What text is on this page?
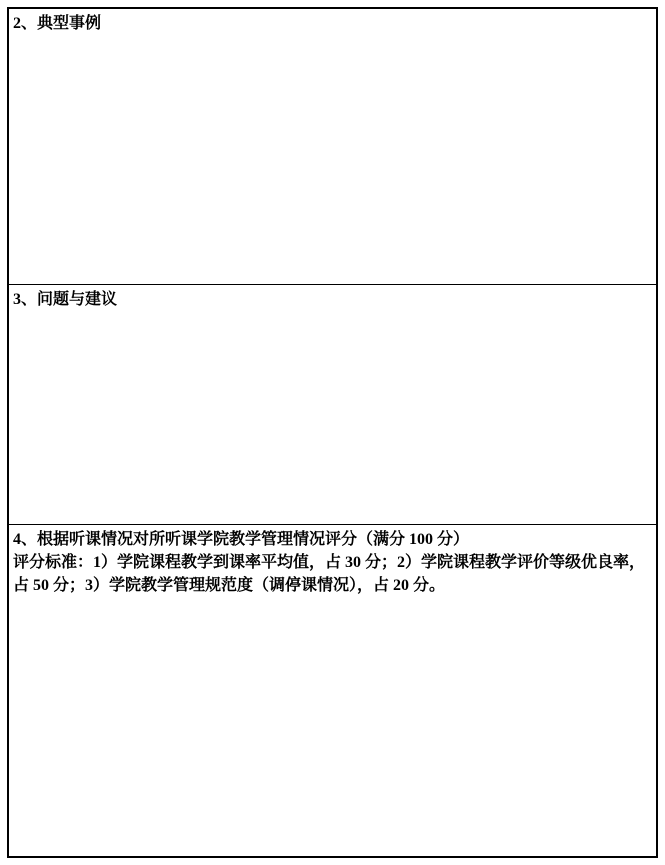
2、典型事例
3、问题与建议
4、根据听课情况对所听课学院教学管理情况评分（满分 100 分）
评分标准：1）学院课程教学到课率平均值，占 30 分；2）学院课程教学评价等级优良率，占 50 分；3）学院教学管理规范度（调停课情况），占 20 分。
